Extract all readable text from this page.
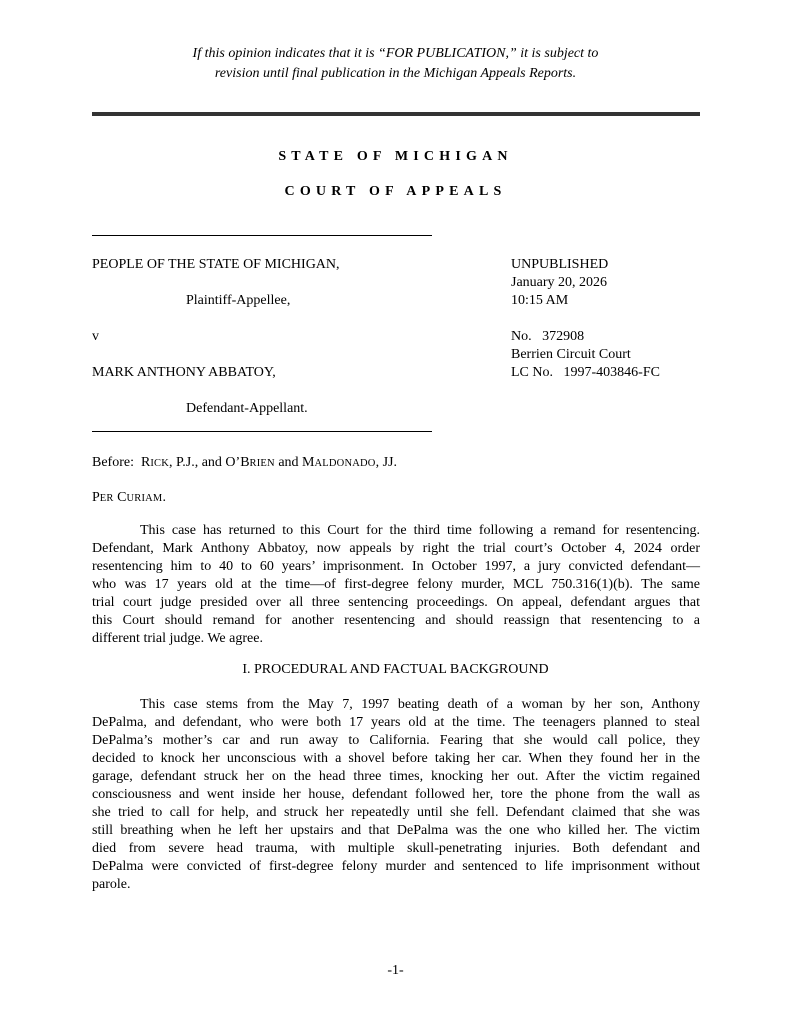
If this opinion indicates that it is “FOR PUBLICATION,” it is subject to
revision until final publication in the Michigan Appeals Reports.
STATE OF MICHIGAN
COURT OF APPEALS
PEOPLE OF THE STATE OF MICHIGAN,
Plaintiff-Appellee,
v
MARK ANTHONY ABBATOY,
Defendant-Appellant.
UNPUBLISHED
January 20, 2026
10:15 AM
No.   372908
Berrien Circuit Court
LC No.   1997-403846-FC
Before:  RICK, P.J., and O’BRIEN and MALDONADO, JJ.
PER CURIAM.
This case has returned to this Court for the third time following a remand for resentencing.
Defendant, Mark Anthony Abbatoy, now appeals by right the trial court’s October 4, 2024 order
resentencing him to 40 to 60 years’ imprisonment. In October 1997, a jury convicted defendant—
who was 17 years old at the time—of first-degree felony murder, MCL 750.316(1)(b). The same
trial court judge presided over all three sentencing proceedings. On appeal, defendant argues that
this Court should remand for another resentencing and should reassign that resentencing to a
different trial judge. We agree.
I. PROCEDURAL AND FACTUAL BACKGROUND
This case stems from the May 7, 1997 beating death of a woman by her son, Anthony
DePalma, and defendant, who were both 17 years old at the time. The teenagers planned to steal
DePalma’s mother’s car and run away to California. Fearing that she would call police, they
decided to knock her unconscious with a shovel before taking her car. When they found her in the
garage, defendant struck her on the head three times, knocking her out. After the victim regained
consciousness and went inside her house, defendant followed her, tore the phone from the wall as
she tried to call for help, and struck her repeatedly until she fell. Defendant claimed that she was
still breathing when he left her upstairs and that DePalma was the one who killed her. The victim
died from severe head trauma, with multiple skull-penetrating injuries. Both defendant and
DePalma were convicted of first-degree felony murder and sentenced to life imprisonment without
parole.
-1-
